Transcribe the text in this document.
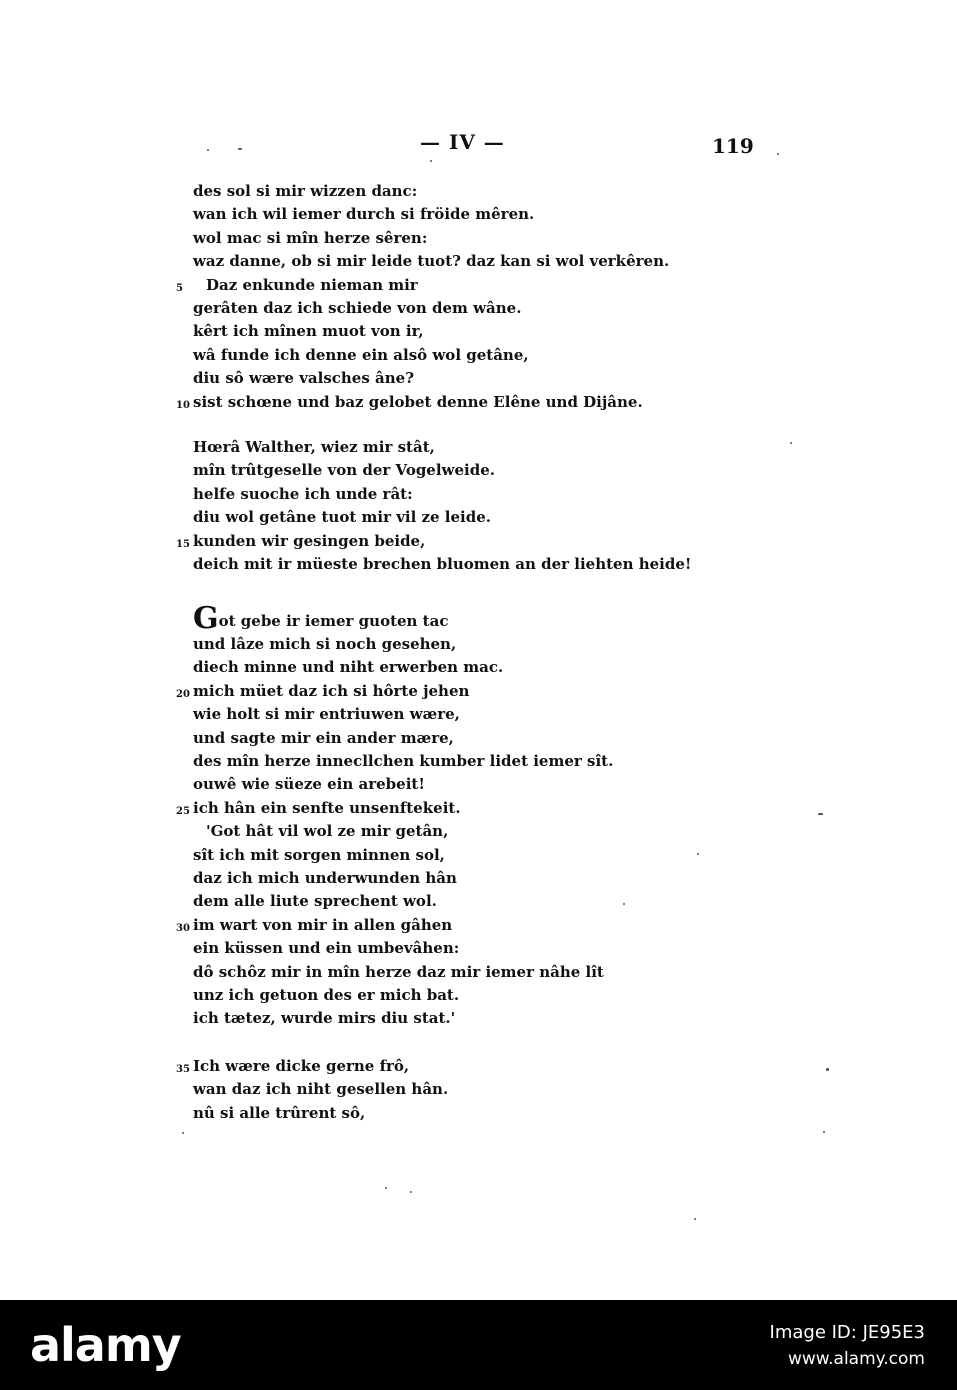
— IV —	119
des sol si mir wizzen danc:
wan ich wil iemer durch si fröide mêren.
wol mac si mîn herze sêren:
waz danne, ob si mir leide tuot? daz kan si wol verkêren.
5	Daz enkunde nieman mir
gerâten daz ich schiede von dem wâne.
kêrt ich mînen muot von ir,
wâ funde ich denne ein alsô wol getâne,
diu sô wære valsches âne?
10 sist schœne und baz gelobet denne Elêne und Dijâne.
Hœrâ Walther, wiez mir stât,
mîn trûtgeselle von der Vogelweide.
helfe suoche ich unde rât:
diu wol getâne tuot mir vil ze leide.
15 kunden wir gesingen beide,
deich mit ir müeste brechen bluomen an der liehten heide!
Got gebe ir iemer guoten tac
und lâze mich si noch gesehen,
diech minne und niht erwerben mac.
20 mich müet daz ich si hôrte jehen
wie holt si mir entriuwen wære,
und sagte mir ein ander mære,
des mîn herze innecllchen kumber lidet iemer sît.
ouwê wie süeze ein arebeit!
25 ich hân ein senfte unsenftekeit.
'Got hât vil wol ze mir getân,
sît ich mit sorgen minnen sol,
daz ich mich underwunden hân
dem alle liute sprechent wol.
30 im wart von mir in allen gâhen
ein küssen und ein umbevâhen:
dô schôz mir in mîn herze daz mir iemer nâhe lît
unz ich getuon des er mich bat.
ich tætez, wurde mirs diu stat.'
35 Ich wære dicke gerne frô,
wan daz ich niht gesellen hân.
nû si alle trûrent sô,
alamy	Image ID: JE95E3
www.alamy.com
